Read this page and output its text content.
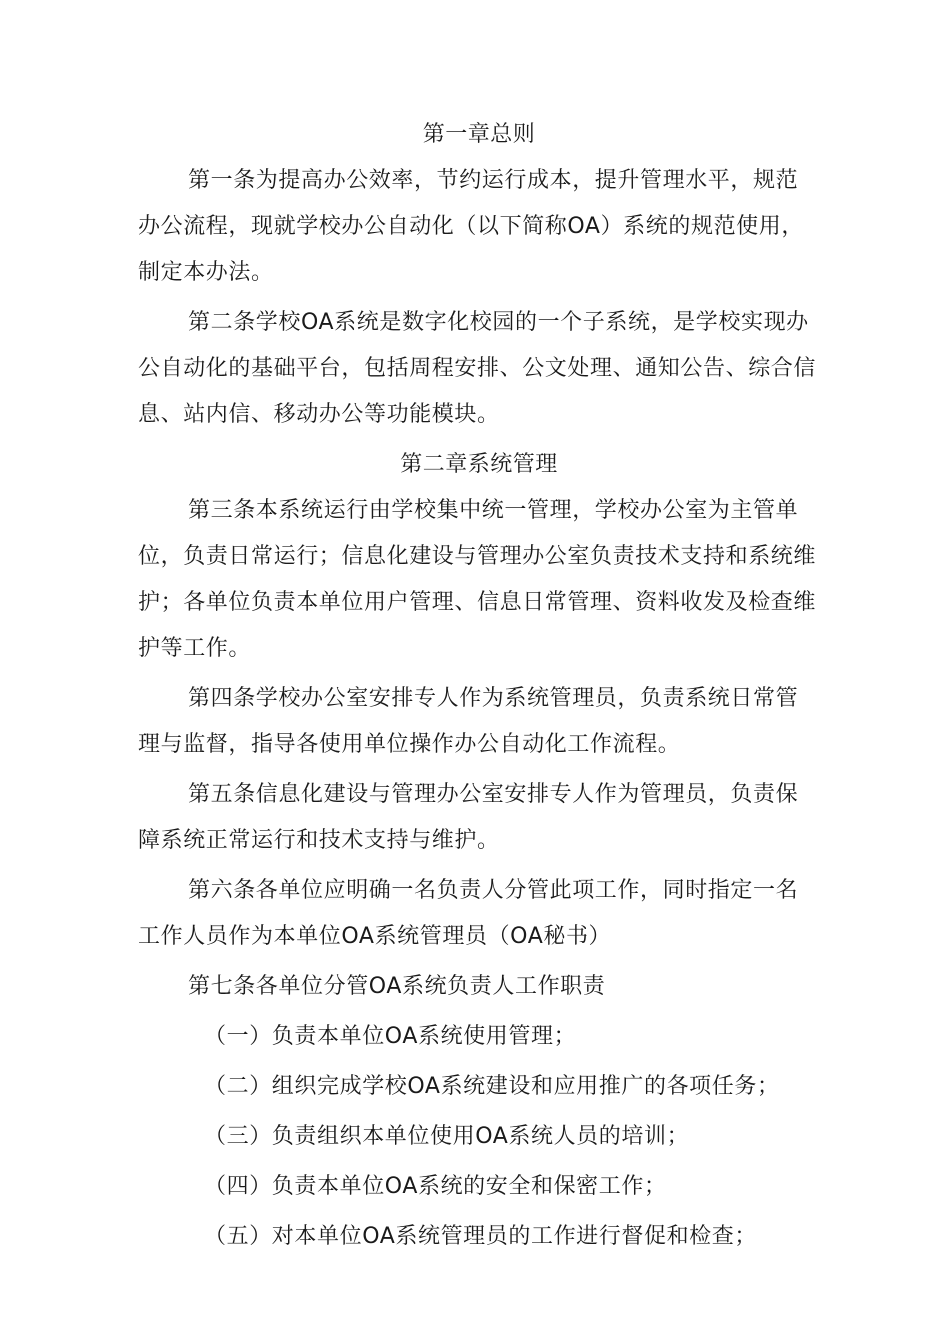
第一章总则

第一条为提高办公效率，节约运行成本，提升管理水平，规范办公流程，现就学校办公自动化（以下简称OA）系统的规范使用，制定本办法。

第二条学校OA系统是数字化校园的一个子系统，是学校实现办公自动化的基础平台，包括周程安排、公文处理、通知公告、综合信息、站内信、移动办公等功能模块。

第二章系统管理

第三条本系统运行由学校集中统一管理，学校办公室为主管单位，负责日常运行；信息化建设与管理办公室负责技术支持和系统维护；各单位负责本单位用户管理、信息日常管理、资料收发及检查维护等工作。

第四条学校办公室安排专人作为系统管理员，负责系统日常管理与监督，指导各使用单位操作办公自动化工作流程。

第五条信息化建设与管理办公室安排专人作为管理员，负责保障系统正常运行和技术支持与维护。

第六条各单位应明确一名负责人分管此项工作，同时指定一名工作人员作为本单位OA系统管理员（OA秘书）

第七条各单位分管OA系统负责人工作职责

（一）负责本单位OA系统使用管理；

（二）组织完成学校OA系统建设和应用推广的各项任务；

（三）负责组织本单位使用OA系统人员的培训；

（四）负责本单位OA系统的安全和保密工作；

（五）对本单位OA系统管理员的工作进行督促和检查；
